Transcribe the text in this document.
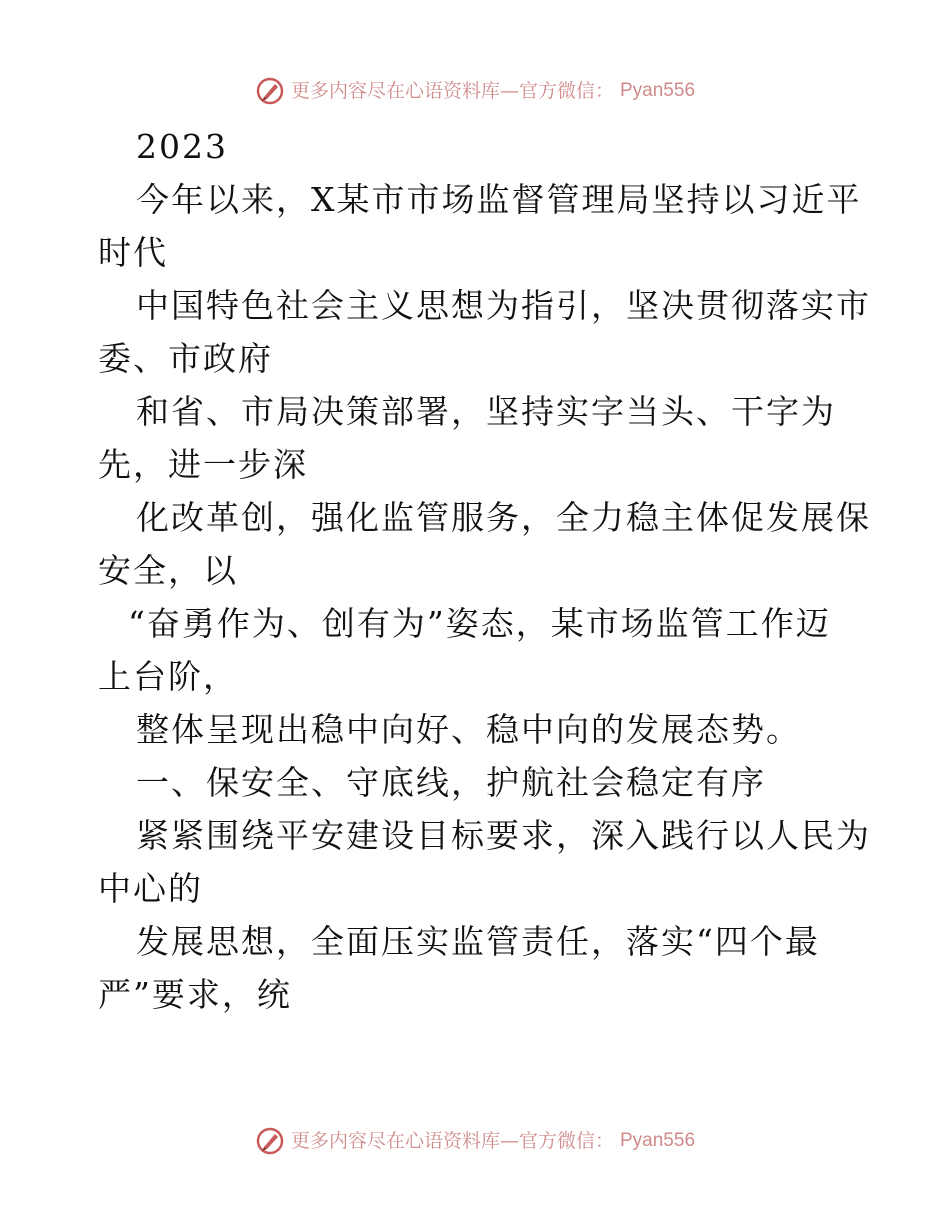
更多内容尽在心语资料库—官方微信： Pyan556
2023
今年以来，X某市市场监督管理局坚持以习近平
时代
中国特色社会主义思想为指引，坚决贯彻落实市
委、市政府
和省、市局决策部署，坚持实字当头、干字为
先，进一步深
化改革创，强化监管服务，全力稳主体促发展保
安全，以
“奋勇作为、创有为”姿态，某市场监管工作迈
上台阶，
整体呈现出稳中向好、稳中向的发展态势。
一、保安全、守底线，护航社会稳定有序
紧紧围绕平安建设目标要求，深入践行以人民为
中心的
发展思想，全面压实监管责任，落实“四个最
严”要求，统
更多内容尽在心语资料库—官方微信： Pyan556
